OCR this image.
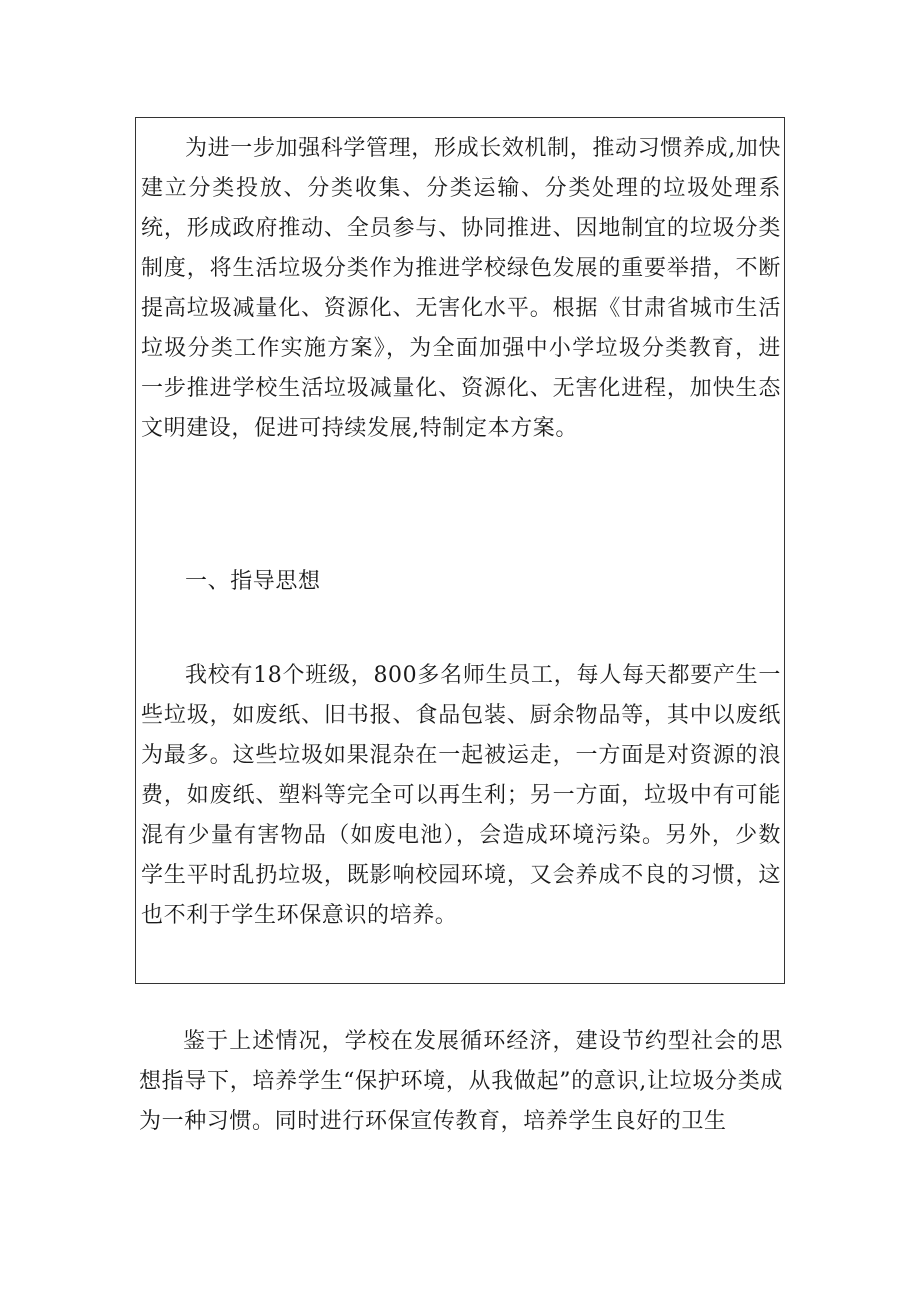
为进一步加强科学管理，形成长效机制，推动习惯养成,加快建立分类投放、分类收集、分类运输、分类处理的垃圾处理系统，形成政府推动、全员参与、协同推进、因地制宜的垃圾分类制度，将生活垃圾分类作为推进学校绿色发展的重要举措，不断提高垃圾减量化、资源化、无害化水平。根据《甘肃省城市生活垃圾分类工作实施方案》，为全面加强中小学垃圾分类教育，进一步推进学校生活垃圾减量化、资源化、无害化进程，加快生态文明建设，促进可持续发展,特制定本方案。

一、指导思想

我校有18个班级，800多名师生员工，每人每天都要产生一些垃圾，如废纸、旧书报、食品包装、厨余物品等，其中以废纸为最多。这些垃圾如果混杂在一起被运走，一方面是对资源的浪费，如废纸、塑料等完全可以再生利；另一方面，垃圾中有可能混有少量有害物品（如废电池），会造成环境污染。另外，少数学生平时乱扔垃圾，既影响校园环境，又会养成不良的习惯，这也不利于学生环保意识的培养。

鉴于上述情况，学校在发展循环经济，建设节约型社会的思想指导下，培养学生“保护环境，从我做起”的意识,让垃圾分类成为一种习惯。同时进行环保宣传教育，培养学生良好的卫生
